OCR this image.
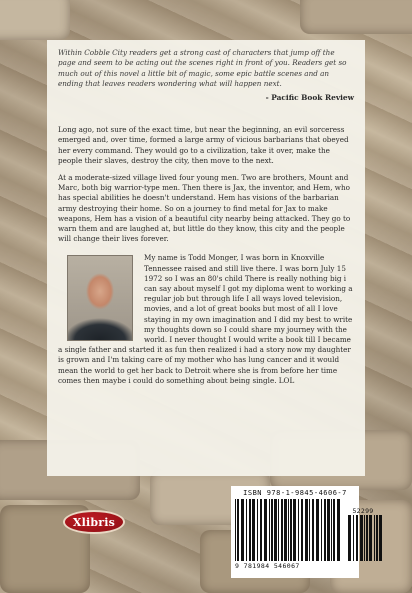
Within Cobble City readers get a strong cast of characters that jump off the page and seem to be acting out the scenes right in front of you. Readers get so much out of this novel a little bit of magic, some epic battle scenes and an ending that leaves readers wondering what will happen next.

- Pacific Book Review

Long ago, not sure of the exact time, but near the beginning, an evil sorceress emerged and, over time, formed a large army of vicious barbarians that obeyed her every command. They would go to a civilization, take it over, make the people their slaves, destroy the city, then move to the next.

At a moderate-sized village lived four young men. Two are brothers, Mount and Marc, both big warrior-type men. Then there is Jax, the inventor, and Hem, who has special abilities he doesn't understand. Hem has visions of the barbarian army destroying their home. So on a journey to find metal for Jax to make weapons, Hem has a vision of a beautiful city nearby being attacked. They go to warn them and are laughed at, but little do they know, this city and the people will change their lives forever.

My name is Todd Monger, I was born in Knoxville Tennessee raised and still live there. I was born July 15 1972 so I was an 80's child There is really nothing big i can say about myself I got my diploma went to working a regular job but through life I all ways loved television, movies, and a lot of great books but most of all I love staying in my own imagination and I did my best to write my thoughts down so I could share my journey with the world. I never thought I would write a book till I became a single father and started it as fun then realized i had a story now my daughter is grown and I'm taking care of my mother who has lung cancer and it would mean the world to get her back to Detroit where she is from before her time comes then maybe i could do something about being single. LOL

Xlibris
ISBN 978-1-9845-4606-7
52299
9 781984 546067
